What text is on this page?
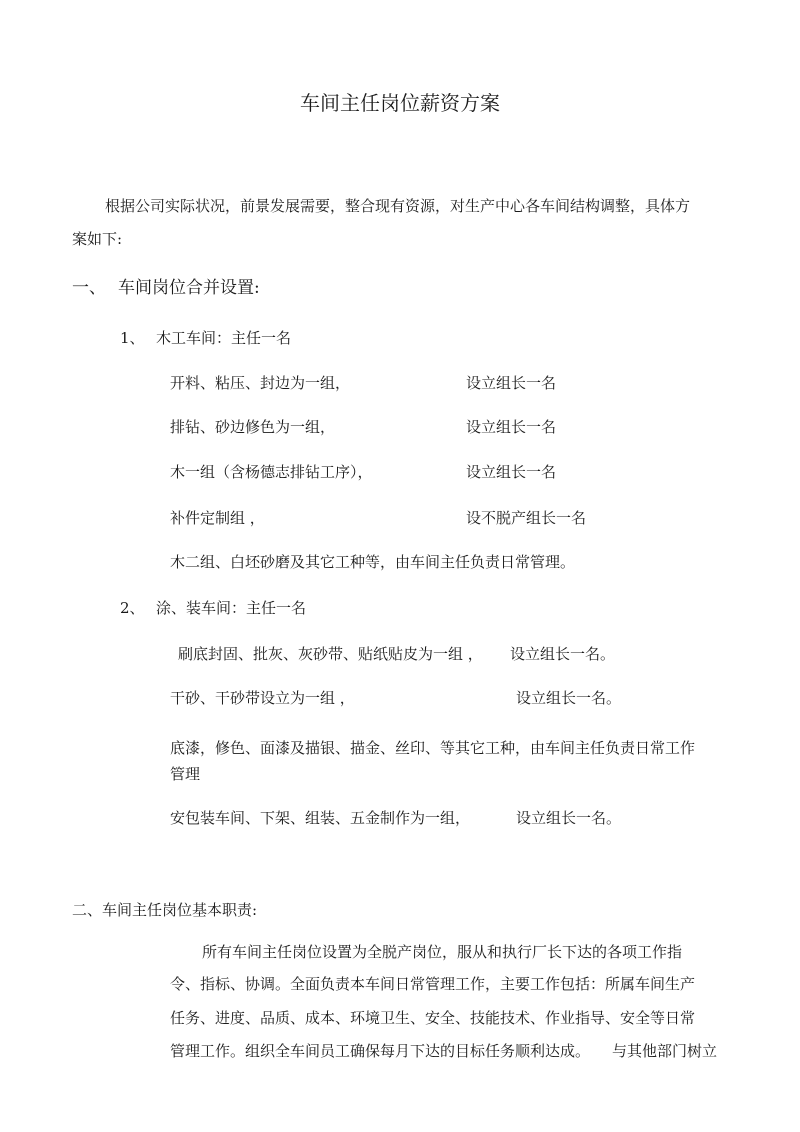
车间主任岗位薪资方案
根据公司实际状况，前景发展需要，整合现有资源，对生产中心各车间结构调整，具体方
案如下:
一、 车间岗位合并设置:
1、 木工车间：主任一名
开料、粘压、封边为一组，	设立组长一名
排钻、砂边修色为一组，	设立组长一名
木一组（含杨德志排钻工序），	设立组长一名
补件定制组 ，	设不脱产组长一名
木二组、白坯砂磨及其它工种等，由车间主任负责日常管理。
2、 涂、装车间：主任一名
刷底封固、批灰、灰砂带、贴纸贴皮为一组 ， 设立组长一名。
干砂、干砂带设立为一组 ，	设立组长一名。
底漆，修色、面漆及描银、描金、丝印、等其它工种，由车间主任负责日常工作
管理
安包装车间、下架、组装、五金制作为一组，	设立组长一名。
二、车间主任岗位基本职责:
所有车间主任岗位设置为全脱产岗位，服从和执行厂长下达的各项工作指
令、指标、协调。全面负责本车间日常管理工作，主要工作包括：所属车间生产
任务、进度、品质、成本、环境卫生、安全、技能技术、作业指导、安全等日常
管理工作。组织全车间员工确保每月下达的目标任务顺利达成。 与其他部门树立
